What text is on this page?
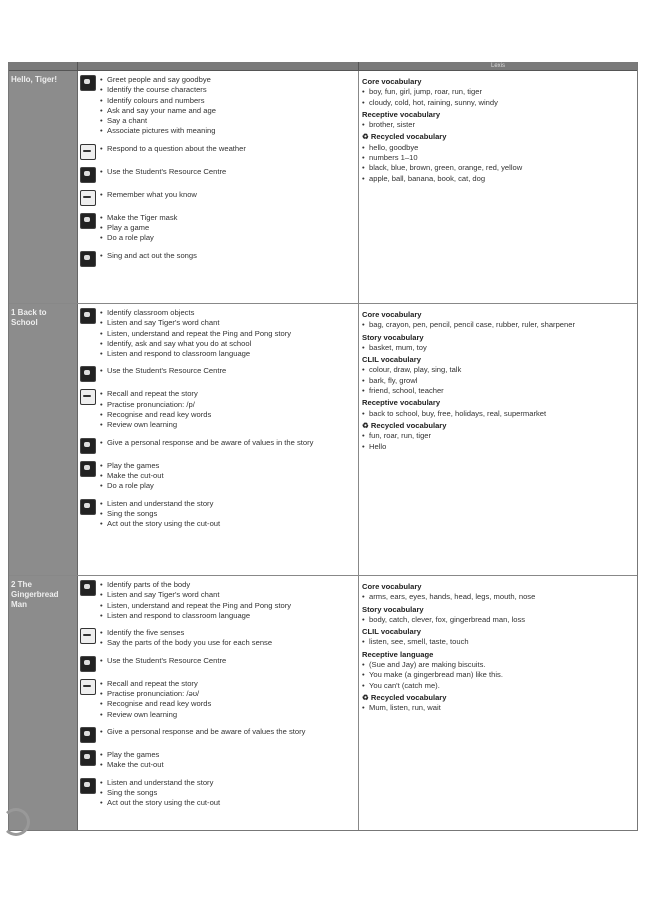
Lexis
Hello, Tiger!	• Greet people and say goodbye
• Identify the course characters
• Identify colours and numbers
• Ask and say your name and age
• Say a chant
• Associate pictures with meaning
• Respond to a question about the weather
• Use the Student's Resource Centre
• Remember what you know
• Make the Tiger mask
• Play a game
• Do a role play
• Sing and act out the songs
Core vocabulary
• boy, fun, girl, jump, roar, run, tiger
• cloudy, cold, hot, raining, sunny, windy
Receptive vocabulary
• brother, sister
♻ Recycled vocabulary
• hello, goodbye
• numbers 1–10
• black, blue, brown, green, orange, red, yellow
• apple, ball, banana, book, cat, dog
1 Back to School
• Identify classroom objects
• Listen and say Tiger's word chant
• Listen, understand and repeat the Ping and Pong story
• Identify, ask and say what you do at school
• Listen and respond to classroom language
• Use the Student's Resource Centre
• Recall and repeat the story
• Practise pronunciation: /p/
• Recognise and read key words
• Review own learning
• Give a personal response and be aware of values in the story
• Play the games
• Make the cut-out
• Do a role play
• Listen and understand the story
• Sing the songs
• Act out the story using the cut-out
Core vocabulary
• bag, crayon, pen, pencil, pencil case, rubber, ruler, sharpener
Story vocabulary
• basket, mum, toy
CLIL vocabulary
• colour, draw, play, sing, talk
• bark, fly, growl
• friend, school, teacher
Receptive vocabulary
• back to school, buy, free, holidays, real, supermarket
♻ Recycled vocabulary
• fun, roar, run, tiger
• Hello
2 The Gingerbread Man
• Identify parts of the body
• Listen and say Tiger's word chant
• Listen, understand and repeat the Ping and Pong story
• Listen and respond to classroom language
• Identify the five senses
• Say the parts of the body you use for each sense
• Use the Student's Resource Centre
• Recall and repeat the story
• Practise pronunciation: /əʊ/
• Recognise and read key words
• Review own learning
• Give a personal response and be aware of values the story
• Play the games
• Make the cut-out
• Listen and understand the story
• Sing the songs
• Act out the story using the cut-out
Core vocabulary
• arms, ears, eyes, hands, head, legs, mouth, nose
Story vocabulary
• body, catch, clever, fox, gingerbread man, loss
CLIL vocabulary
• listen, see, smell, taste, touch
Receptive language
• (Sue and Jay) are making biscuits.
• You make (a gingerbread man) like this.
• You can't (catch me).
♻ Recycled vocabulary
• Mum, listen, run, wait
